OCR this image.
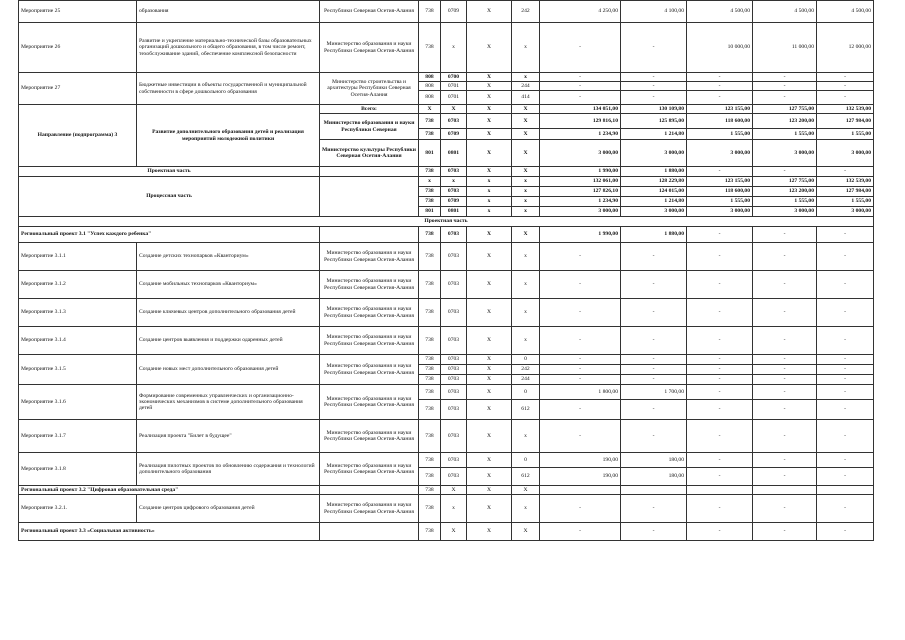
Мероприятие 25	образования	Республики Северная Осетия-Алания	738	0709	X	242	4 250,00	4 100,00	4 500,00	4 500,00	4 500,00
Мероприятие 26	Развитие и укрепление материально-технической базы образовательных организаций дошкольного и общего образования, в том числе ремонт, техобслуживание зданий, обеспечение комплексной безопасности	Министерство образования и науки Республики Северная Осетия-Алания	738	x	X	x	-	-	10 000,00	11 000,00	12 000,00
Мероприятие 27	Бюджетные инвестиции в объекты государственной и муниципальной собственности в сфере дошкольного образования	Министерство строительства и архитектуры Республики Северная Осетия-Алания	808	0700	X	x	-	-	-	-	-
			808	0701	X	244	-	-	-	-	-
			808	0701	X	414	-	-	-	-	-
Направление (подпрограмма) 3	Развитие дополнительного образования детей и реализация мероприятий молодежной политики	Всего:	X	X	X	X	134 051,00	130 109,80	123 155,00	127 755,00	132 539,00
		Министерство образования и науки Республики Северная	738	0703	X	X	129 816,10	125 895,00	118 600,00	123 200,00	127 984,00
			738	0709	X	X	1 234,90	1 214,80	1 555,00	1 555,00	1 555,00
		Министерство культуры Республики Северная Осетия-Алания	801	0801	X	X	3 000,00	3 000,00	3 000,00	3 000,00	3 000,00
Проектная часть			738	0703	X	X	1 990,00	1 880,00	-	-	-
Процессная часть			x	x	x	x	132 061,00	128 229,80	123 155,00	127 755,00	132 539,00
			738	0703	x	x	127 826,10	124 015,00	118 600,00	123 200,00	127 984,00
			738	0709	x	x	1 234,90	1 214,80	1 555,00	1 555,00	1 555,00
			801	0801	x	x	3 000,00	3 000,00	3 000,00	3 000,00	3 000,00
Проектная часть											
Региональный проект 3.1 "Успех каждого ребенка"			738	0703	X	X	1 990,00	1 880,00	-	-	-
Мероприятие 3.1.1	Создание детских технопарков «Кванториум»	Министерство образования и науки Республики Северная Осетия-Алания	738	0703	X	x	-	-	-	-	-
Мероприятие 3.1.2	Создание мобильных технопарков «Кванториум»	Министерство образования и науки Республики Северная Осетия-Алания	738	0703	X	x	-	-	-	-	-
Мероприятие 3.1.3	Создание ключевых центров дополнительного образования детей	Министерство образования и науки Республики Северная Осетия-Алания	738	0703	X	x	-	-	-	-	-
Мероприятие 3.1.4	Создание центров выявления и поддержки одаренных детей	Министерство образования и науки Республики Северная Осетия-Алания	738	0703	X	x	-	-	-	-	-
Мероприятие 3.1.5	Создание новых мест дополнительного образования детей	Министерство образования и науки Республики Северная Осетия-Алания	738	0703	X	0	-	-	-	-	-
			738	0703	X	242	-	-	-	-	-
			738	0703	X	244	-	-	-	-	-
Мероприятие 3.1.6	Формирование современных управленческих и организационно-экономических механизмов в системе дополнительного образования детей	Министерство образования и науки Республики Северная Осетия-Алания	738	0703	X	0	1 800,00	1 700,00	-	-	-
			738	0703	X	612	-	-	-	-	-
Мероприятие 3.1.7	Реализация проекта "Билет в будущее"	Министерство образования и науки Республики Северная Осетия-Алания	738	0703	X	x	-	-	-	-	-
Мероприятие 3.1.8	Реализация пилотных проектов по обновлению содержания и технологий дополнительного образования	Министерство образования и науки Республики Северная Осетия-Алания	738	0703	X	0	190,00	180,00	-	-	-
			738	0703	X	612	190,00	180,00	-	-	-
Региональный проект 3.2 "Цифровая образовательная среда"			738	X	X	X					
Мероприятие 3.2.1.	Создание центров цифрового образования детей	Министерство образования и науки Республики Северная Осетия-Алания	738	x	X	x	-	-	-	-	-
Региональный проект 3.3 «Социальная активность»			738	X	X	X	-	-	-	-	-
